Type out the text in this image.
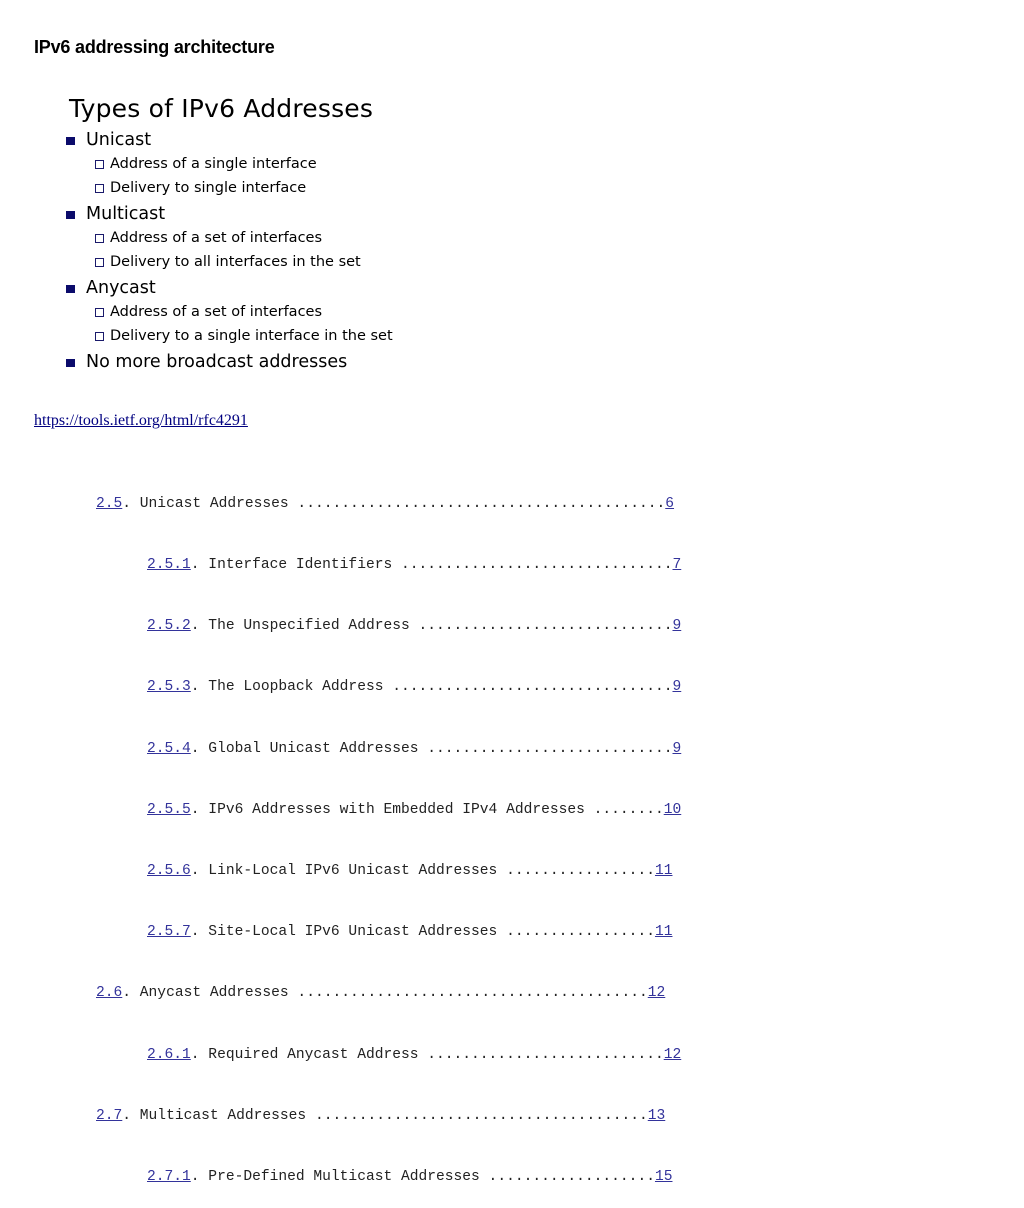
IPv6 addressing architecture
Types of IPv6 Addresses
Unicast
Address of a single interface
Delivery to single interface
Multicast
Address of a set of interfaces
Delivery to all interfaces in the set
Anycast
Address of a set of interfaces
Delivery to a single interface in the set
No more broadcast addresses
https://tools.ietf.org/html/rfc4291

2.5. Unicast Addresses ..........................................6

2.5.1. Interface Identifiers ...............................7

2.5.2. The Unspecified Address .............................9

2.5.3. The Loopback Address ................................9

2.5.4. Global Unicast Addresses ............................9

2.5.5. IPv6 Addresses with Embedded IPv4 Addresses ........10

2.5.6. Link-Local IPv6 Unicast Addresses .................11

2.5.7. Site-Local IPv6 Unicast Addresses .................11

2.6. Anycast Addresses ........................................12

2.6.1. Required Anycast Address ...........................12

2.7. Multicast Addresses ......................................13

2.7.1. Pre-Defined Multicast Addresses ...................15
